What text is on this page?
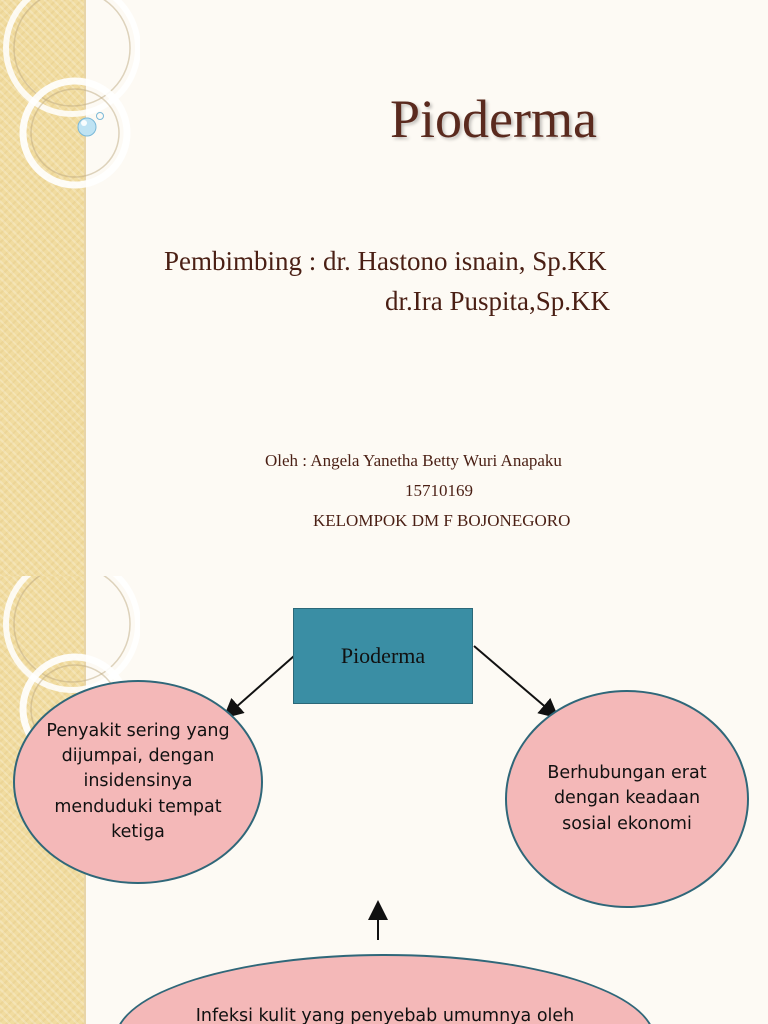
Pioderma
Pembimbing : dr. Hastono isnain, Sp.KK
dr.Ira Puspita,Sp.KK
Oleh : Angela Yanetha Betty Wuri Anapaku
15710169
KELOMPOK DM F BOJONEGORO
Pioderma
Penyakit sering yang dijumpai, dengan insidensinya menduduki tempat ketiga
Berhubungan erat dengan keadaan sosial ekonomi
Infeksi kulit yang penyebab umumnya oleh
